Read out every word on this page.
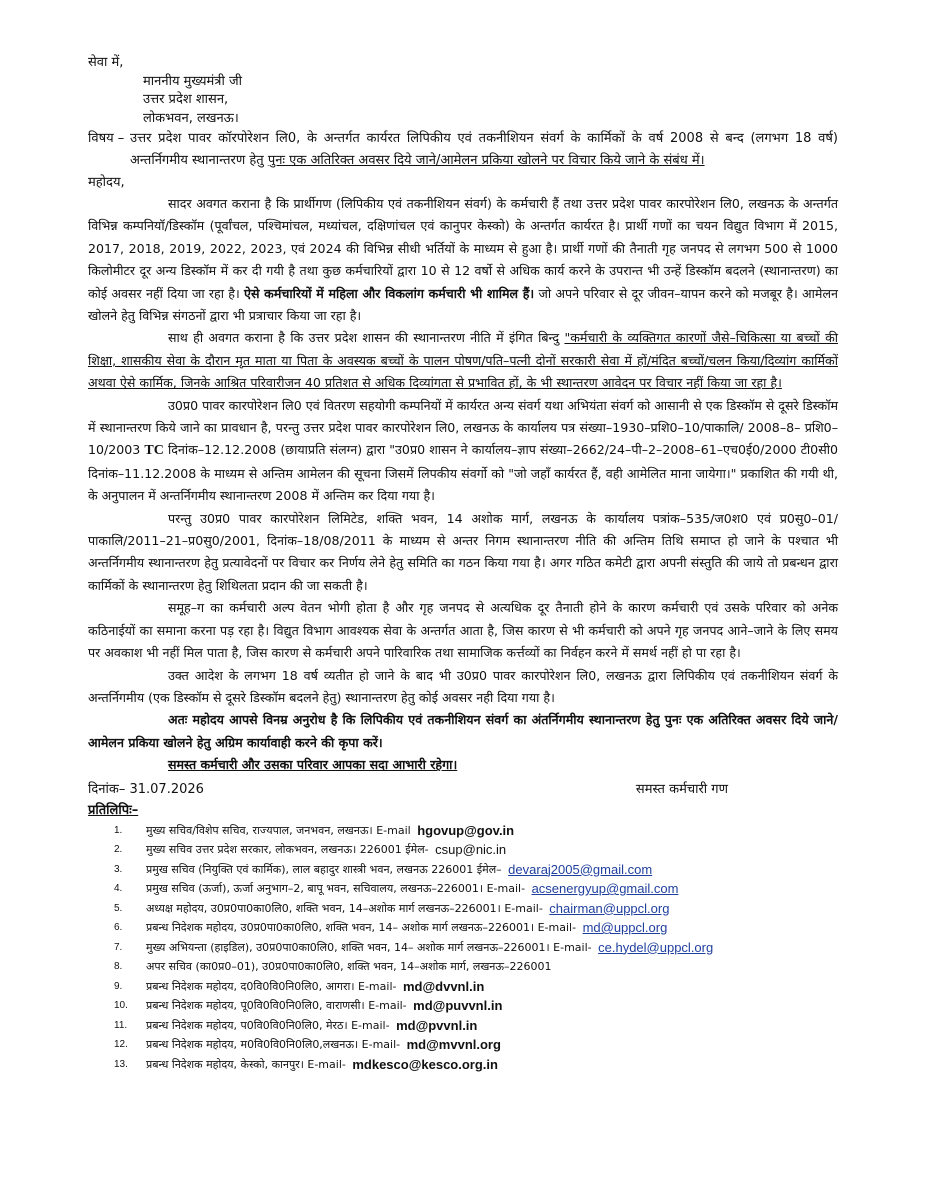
सेवा में,
माननीय मुख्यमंत्री जी
उत्तर प्रदेश शासन,
लोकभवन, लखनऊ।
विषय – उत्तर प्रदेश पावर कॉरपोरेशन लि0, के अन्तर्गत कार्यरत लिपिकीय एवं तकनीशियन संवर्ग के कार्मिकों के वर्ष 2008 से बन्द (लगभग 18 वर्ष) अन्तर्निगमीय स्थानान्तरण हेतु पुनः एक अतिरिक्त अवसर दिये जाने/आमेलन प्रकिया खोलने पर विचार किये जाने के संबंध में।
महोदय,

सादर अवगत कराना है कि प्रार्थीगण (लिपिकीय एवं तकनीशियन संवर्ग) के कर्मचारी हैं तथा उत्तर प्रदेश पावर कारपोरेशन लि0, लखनऊ के अन्तर्गत विभिन्न कम्पनियॉ/डिस्कॉम (पूर्वांचल, पश्चिमांचल, मध्यांचल, दक्षिणांचल एवं कानुपर केस्को) के अन्तर्गत कार्यरत है। प्रार्थी गणों का चयन विद्युत विभाग में 2015, 2017, 2018, 2019, 2022, 2023, एवं 2024 की विभिन्न सीधी भर्तियों के माध्यम से हुआ है। प्रार्थी गणों की तैनाती गृह जनपद से लगभग 500 से 1000 किलोमीटर दूर अन्य डिस्कॉम में कर दी गयी है तथा कुछ कर्मचारियों द्वारा 10 से 12 वर्षो से अधिक कार्य करने के उपरान्त भी उन्हें डिस्कॉम बदलने (स्थानान्तरण) का कोई अवसर नहीं दिया जा रहा है। ऐसे कर्मचारियों में महिला और विकलांग कर्मचारी भी शामिल हैं। जो अपने परिवार से दूर जीवन–यापन करने को मजबूर है। आमेलन खोलने हेतु विभिन्न संगठनों द्वारा भी प्रत्राचार किया जा रहा है।

साथ ही अवगत कराना है कि उत्तर प्रदेश शासन की स्थानान्तरण नीति में इंगित बिन्दु "कर्मचारी के व्यक्तिगत कारणों जैसे–चिकित्सा या बच्चों की शिक्षा, शासकीय सेवा के दौरान मृत माता या पिता के अवस्यक बच्चों के पालन पोषण/पति–पत्नी दोनों सरकारी सेवा में हों/मंदित बच्चों/चलन किया/दिव्यांग कार्मिकों अथवा ऐसे कार्मिक, जिनके आश्रित परिवारीजन 40 प्रतिशत से अधिक दिव्यांगता से प्रभावित हों, के भी स्थान्तरण आवेदन पर विचार नहीं किया जा रहा है।

उ0प्र0 पावर कारपोरेशन लि0 एवं वितरण सहयोगी कम्पनियों में कार्यरत अन्य संवर्ग यथा अभियंता संवर्ग को आसानी से एक डिस्कॉम से दूसरे डिस्कॉम में स्थानान्तरण किये जाने का प्रावधान है, परन्तु उत्तर प्रदेश पावर कारपोरेशन लि0, लखनऊ के कार्यालय पत्र संख्या–1930–प्रशि0–10/पाकालि/ 2008–8– प्रशि0– 10/2003 TC दिनांक–12.12.2008 (छायाप्रति संलग्न) द्वारा "उ0प्र0 शासन ने कार्यालय–ज्ञाप संख्या–2662/24–पी–2–2008–61–एच0ई0/2000 टी0सी0 दिनांक–11.12.2008 के माध्यम से अन्तिम आमेलन की सूचना जिसमें लिपकीय संवर्गो को "जो जहॉं कार्यरत हैं, वही आमेलित माना जायेगा।" प्रकाशित की गयी थी, के अनुपालन में अन्तर्निगमीय स्थानान्तरण 2008 में अन्तिम कर दिया गया है।

परन्तु उ0प्र0 पावर कारपोरेशन लिमिटेड, शक्ति भवन, 14 अशोक मार्ग, लखनऊ के कार्यालय पत्रांक–535/ज0श0 एवं प्र0सु0–01/पाकालि/2011–21–प्र0सु0/2001, दिनांक–18/08/2011 के माध्यम से अन्तर निगम स्थानान्तरण नीति की अन्तिम तिथि समाप्त हो जाने के पश्चात भी अन्तर्निगमीय स्थानान्तरण हेतु प्रत्यावेदनों पर विचार कर निर्णय लेने हेतु समिति का गठन किया गया है। अगर गठित कमेटी द्वारा अपनी संस्तुति की जाये तो प्रबन्धन द्वारा कार्मिकों के स्थानान्तरण हेतु शिथिलता प्रदान की जा सकती है।

समूह–ग का कर्मचारी अल्प वेतन भोगी होता है और गृह जनपद से अत्यधिक दूर तैनाती होने के कारण कर्मचारी एवं उसके परिवार को अनेक कठिनाईयों का समाना करना पड़ रहा है। विद्युत विभाग आवश्यक सेवा के अन्तर्गत आता है, जिस कारण से भी कर्मचारी को अपने गृह जनपद आने–जाने के लिए समय पर अवकाश भी नहीं मिल पाता है, जिस कारण से कर्मचारी अपने पारिवारिक तथा सामाजिक कर्त्तव्यों का निर्वहन करने में समर्थ नहीं हो पा रहा है।

उक्त आदेश के लगभग 18 वर्ष व्यतीत हो जाने के बाद भी उ0प्र0 पावर कारपोरेशन लि0, लखनऊ द्वारा लिपिकीय एवं तकनीशियन संवर्ग के अन्तर्निगमीय (एक डिस्कॉम से दूसरे डिस्कॉम बदलने हेतु) स्थानान्तरण हेतु कोई अवसर नही दिया गया है।

अतः महोदय आपसे विनम्र अनुरोध है कि लिपिकीय एवं तकनीशियन संवर्ग का अंतर्निगमीय स्थानान्तरण हेतु पुनः एक अतिरिक्त अवसर दिये जाने/आमेलन प्रकिया खोलने हेतु अग्रिम कार्यावाही करने की कृपा करें।

समस्त कर्मचारी और उसका परिवार आपका सदा आभारी रहेगा।

दिनांक– 31.07.2026	समस्त कर्मचारी गण
प्रतिलिपिः–
1.	मुख्य सचिव/विशेप सचिव, राज्यपाल, जनभवन, लखनऊ। E-mail hgovup@gov.in
2.	मुख्य सचिव उत्तर प्रदेश सरकार, लोकभवन, लखनऊ। 226001 ईमेल- csup@nic.in
3.	प्रमुख सचिव (नियुक्ति एवं कार्मिक), लाल बहादुर शास्त्री भवन, लखनऊ 226001 ईमेल– devaraj2005@gmail.com
4.	प्रमुख सचिव (ऊर्जा), ऊर्जा अनुभाग–2, बापू भवन, सचिवालय, लखनऊ–226001। E-mail- acsenergyup@gmail.com
5.	अध्यक्ष महोदय, उ0प्र0पा0का0लि0, शक्ति भवन, 14–अशोक मार्ग लखनऊ–226001। E-mail- chairman@uppcl.org
6.	प्रबन्ध निदेशक महोदय, उ0प्र0पा0का0लि0, शक्ति भवन, 14– अशोक मार्ग लखनऊ–226001। E-mail- md@uppcl.org
7.	मुख्य अभियन्ता (हाइडिल), उ0प्र0पा0का0लि0, शक्ति भवन, 14– अशोक मार्ग लखनऊ–226001। E-mail- ce.hydel@uppcl.org
8.	अपर सचिव (का0प्र0–01), उ0प्र0पा0का0लि0, शक्ति भवन, 14–अशोक मार्ग, लखनऊ–226001
9.	प्रबन्ध निदेशक महोदय, द0वि0वि0नि0लि0, आगरा। E-mail- md@dvvnl.in
10.	प्रबन्ध निदेशक महोदय, पू0वि0वि0नि0लि0, वाराणसी। E-mail- md@puvvnl.in
11.	प्रबन्ध निदेशक महोदय, प0वि0वि0नि0लि0, मेरठ। E-mail- md@pvvnl.in
12.	प्रबन्ध निदेशक महोदय, म0वि0वि0नि0लि0,लखनऊ। E-mail- md@mvvnl.org
13.	प्रबन्ध निदेशक महोदय, केस्को, कानपुर। E-mail- mdkesco@kesco.org.in
